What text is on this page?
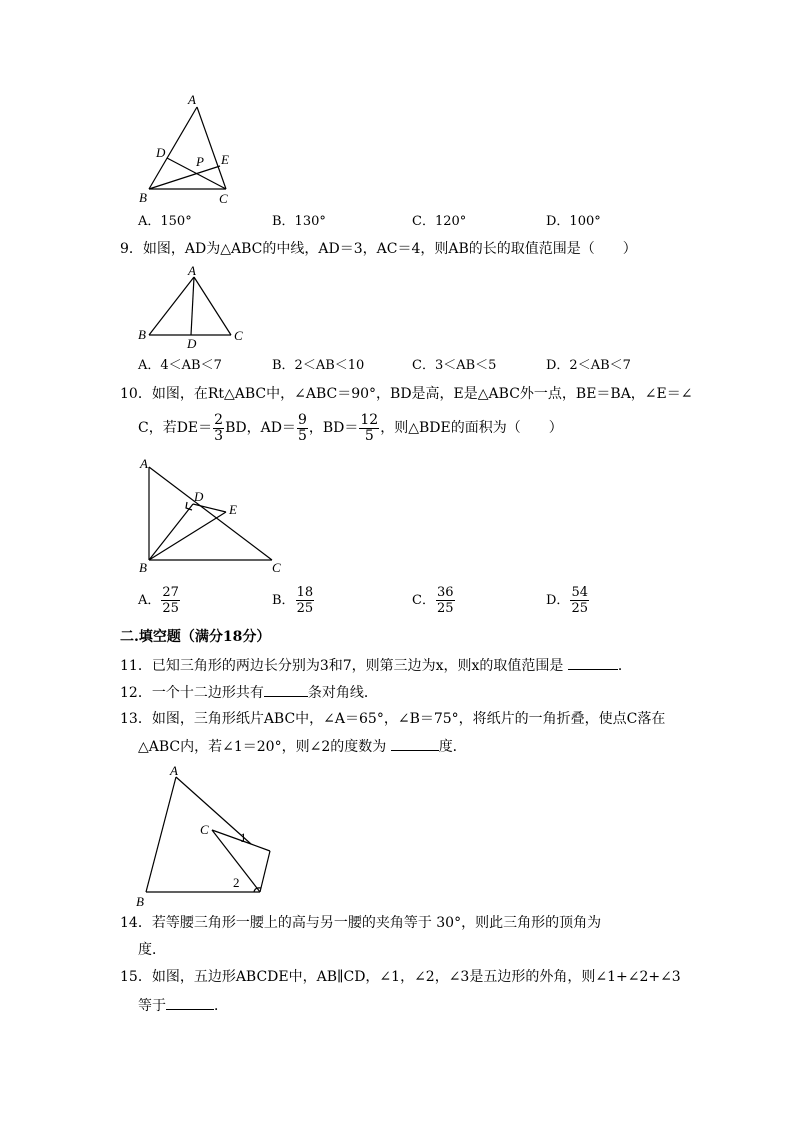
A
D
P E
B	C
A．150°	B．130°	C．120°	D．100°
9．如图，AD为△ABC的中线，AD＝3，AC＝4，则AB的长的取值范围是（　　）
A
B	C
D
A．4＜AB＜7	B．2＜AB＜10	C．3＜AB＜5	D．2＜AB＜7
10．如图，在Rt△ABC中，∠ABC＝90°，BD是高，E是△ABC外一点，BE＝BA，∠E＝∠
C，若$DE= \frac{2}{3}$ BD，$AD= \frac{9}{5}$ ，$BD= \frac{12}{5}$ ，则△BDE的面积为（　　）
A
D
E
B	C
A． $\frac{27}{25}$	B． $\frac{18}{25}$	C． $\frac{36}{25}$	D． $\frac{54}{25}$
二.填空题（满分18分）
11．已知三角形的两边长分别为3和7，则第三边为x，则x的取值范围是	．
12．一个十二边形共有	条对角线．
13．如图，三角形纸片ABC中，∠A＝65°，∠B＝75°，将纸片的一角折叠，使点C落在
△ABC内，若∠1＝20°，则∠2的度数为	度．
A
B
C
1
2
14．若等腰三角形一腰上的高与另一腰的夹角等于 30°，则此三角形的顶角为
度．
15．如图，五边形ABCDE中，AB∥CD，∠1，∠2，∠3是五边形的外角，则∠1+∠2+∠3
等于	．
